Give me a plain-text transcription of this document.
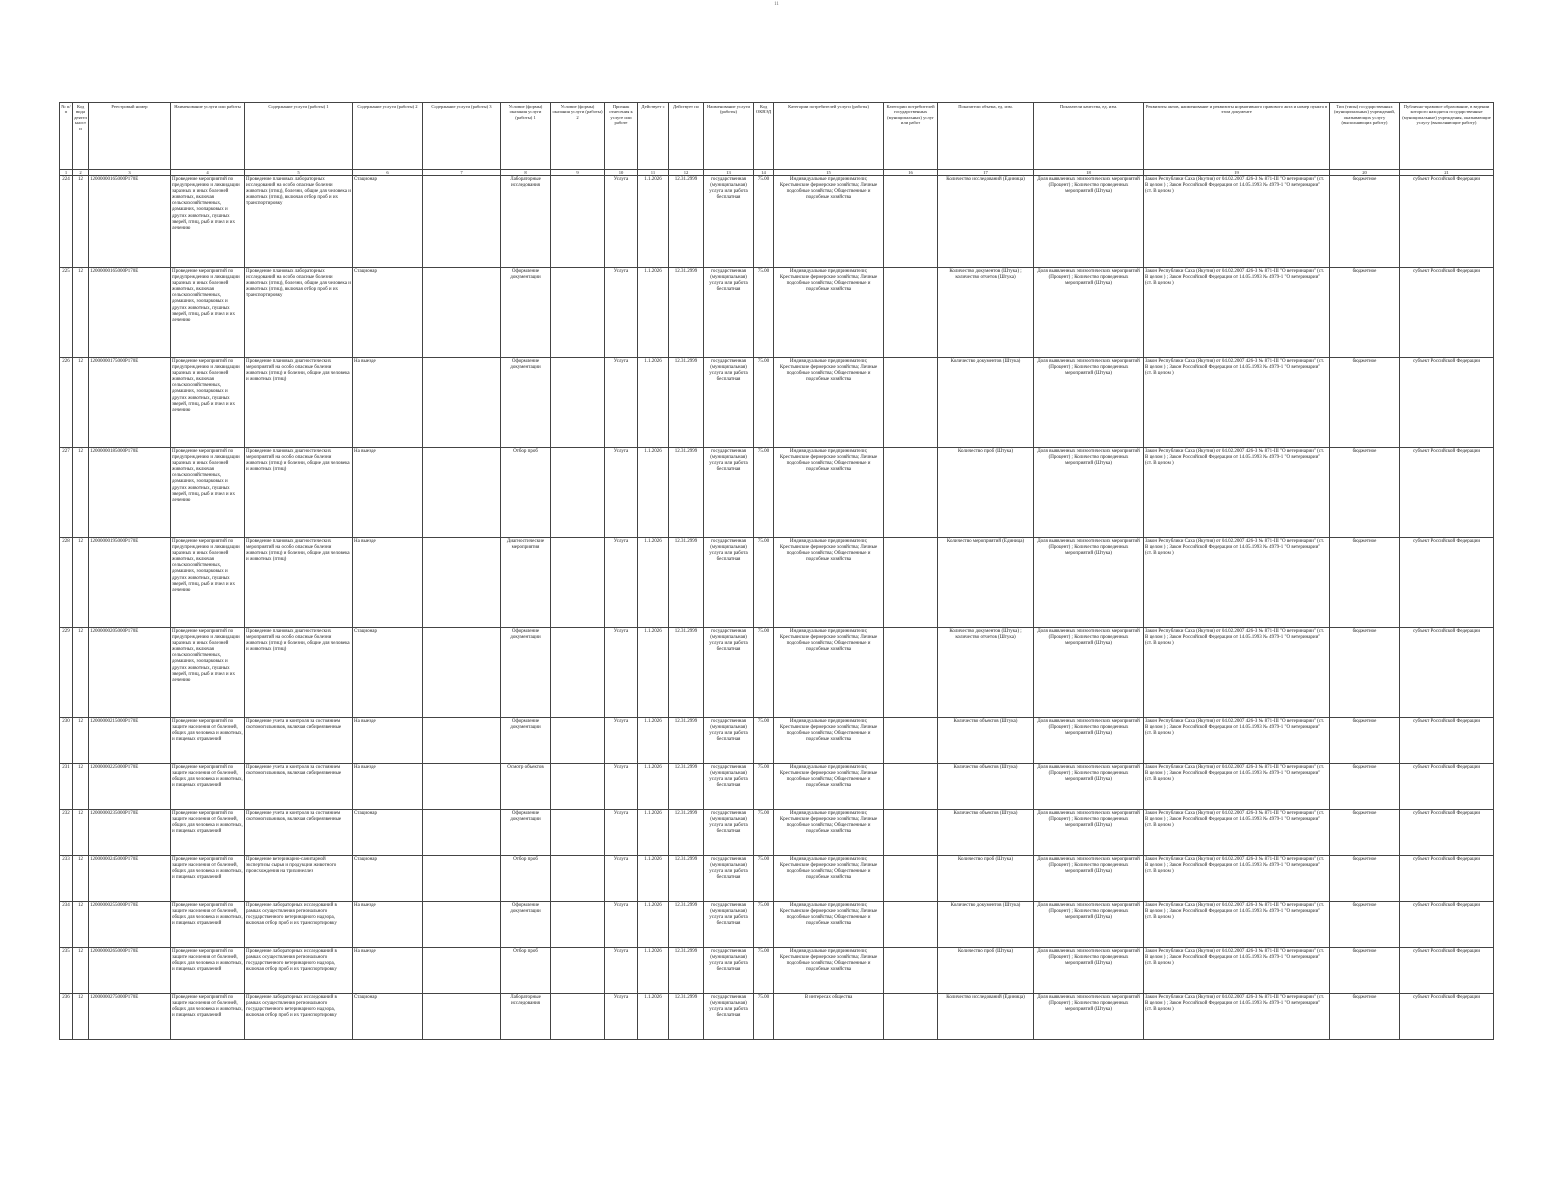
11
№ п/п	Код вида деятельности	Реестровый номер	Наименование услуги или работы	Содержание услуги (работы) 1	Содержание услуги (работы) 2	Содержание услуги (работы) 3	Условие (формы) оказания услуги (работы) 1	Условие (формы) оказания услуги (работы) 2	Признак отнесения к услуге или работе	Действует с	Действует по	Наименование услуги (работы)	Код ОКВЭД	Категории потребителей услуги (работы)	Категории потребителей государственных (муниципальных) услуг или работ	Показатели объема, ед. изм.	Показатели качества, ед. изм.	Реквизиты актов, наименование и реквизиты нормативного правового акта и номер пункта в этом документе	Тип (типы) государственных (муниципальных) учреждений, оказывающих услугу (выполняющих работу)	Публично-правовое образование, в ведении которого находятся государственные (муниципальные) учреждения, оказывающие услугу (выполняющие работу)
1	2	3	4	5	6	7	8	9	10	11	12	13	14	15	16	17	18	19	20	21
224	12	12000000165000Р170Е	Проведение мероприятий по предупреждению и ликвидации заразных и иных болезней животных, включая сельскохозяйственных, домашних, зоопарковых и других животных, пушных зверей, птиц, рыб и пчел и их лечению	Проведение плановых лабораторных исследований на особо опасные болезни животных (птиц), болезни, общие для человека и животных (птиц), включая отбор проб и их транспортировку	Стационар		Лабораторные исследования		Услуга	1.1.2026	12.31.2999	государственная (муниципальная) услуга или работа бесплатная	75.00	Индивидуальные предприниматели; Крестьянские фермерские хозяйства; Личные подсобные хозяйства; Общественные и подсобные хозяйства		Количество исследований (Единица)	Доля выявленных эпизоотических мероприятий (Процент) ; Количество проведенных мероприятий (Штука)	Закон Республики Саха (Якутия) от 04.02.2007 426-З № 871-III "О ветеринарии" (ст. В целом ) ; Закон Российской Федерации от 14.05.1993 № 4979-1 "О ветеринарии" (ст. В целом )	бюджетное	субъект Российской Федерации
225	12	12000000165000Р170Е	Проведение мероприятий по предупреждению и ликвидации заразных и иных болезней животных, включая сельскохозяйственных, домашних, зоопарковых и других животных, пушных зверей, птиц, рыб и пчел и их лечению	Проведение плановых лабораторных исследований на особо опасные болезни животных (птиц), болезни, общие для человека и животных (птиц), включая отбор проб и их транспортировку	Стационар		Оформление документации		Услуга	1.1.2026	12.31.2999	государственная (муниципальная) услуга или работа бесплатная	75.00	Индивидуальные предприниматели; Крестьянские фермерские хозяйства; Личные подсобные хозяйства; Общественные и подсобные хозяйства		Количество документов (Штука) ; количество отчетов (Штука)	Доля выявленных эпизоотических мероприятий (Процент) ; Количество проведенных мероприятий (Штука)	Закон Республики Саха (Якутия) от 04.02.2007 426-З № 871-III "О ветеринарии" (ст. В целом ) ; Закон Российской Федерации от 14.05.1993 № 4979-1 "О ветеринарии" (ст. В целом )	бюджетное	субъект Российской Федерации
226	12	12000000175000Р170Е	Проведение мероприятий по предупреждению и ликвидации заразных и иных болезней животных, включая сельскохозяйственных, домашних, зоопарковых и других животных, пушных зверей, птиц, рыб и пчел и их лечению	Проведение плановых диагностических мероприятий на особо опасные болезни животных (птиц) и болезни, общие для человека и животных (птиц)	На выезде		Оформление документации		Услуга	1.1.2026	12.31.2999	государственная (муниципальная) услуга или работа бесплатная	75.00	Индивидуальные предприниматели; Крестьянские фермерские хозяйства; Личные подсобные хозяйства; Общественные и подсобные хозяйства		Количество документов (Штука)	Доля выявленных эпизоотических мероприятий (Процент) ; Количество проведенных мероприятий (Штука)	Закон Республики Саха (Якутия) от 04.02.2007 426-З № 871-III "О ветеринарии" (ст. В целом ) ; Закон Российской Федерации от 14.05.1993 № 4979-1 "О ветеринарии" (ст. В целом )	бюджетное	субъект Российской Федерации
227	12	12000000185000Р170Е	Проведение мероприятий по предупреждению и ликвидации заразных и иных болезней животных, включая сельскохозяйственных, домашних, зоопарковых и других животных, пушных зверей, птиц, рыб и пчел и их лечению	Проведение плановых диагностических мероприятий на особо опасные болезни животных (птиц) и болезни, общие для человека и животных (птиц)	На выезде		Отбор проб		Услуга	1.1.2026	12.31.2999	государственная (муниципальная) услуга или работа бесплатная	75.00	Индивидуальные предприниматели; Крестьянские фермерские хозяйства; Личные подсобные хозяйства; Общественные и подсобные хозяйства		Количество проб (Штука)	Доля выявленных эпизоотических мероприятий (Процент) ; Количество проведенных мероприятий (Штука)	Закон Республики Саха (Якутия) от 04.02.2007 426-З № 871-III "О ветеринарии" (ст. В целом ) ; Закон Российской Федерации от 14.05.1993 № 4979-1 "О ветеринарии" (ст. В целом )	бюджетное	субъект Российской Федерации
228	12	12000000195000Р170Е	Проведение мероприятий по предупреждению и ликвидации заразных и иных болезней животных, включая сельскохозяйственных, домашних, зоопарковых и других животных, пушных зверей, птиц, рыб и пчел и их лечению	Проведение плановых диагностических мероприятий на особо опасные болезни животных (птиц) и болезни, общие для человека и животных (птиц)	На выезде		Диагностические мероприятия		Услуга	1.1.2026	12.31.2999	государственная (муниципальная) услуга или работа бесплатная	75.00	Индивидуальные предприниматели; Крестьянские фермерские хозяйства; Личные подсобные хозяйства; Общественные и подсобные хозяйства		Количество мероприятий (Единица)	Доля выявленных эпизоотических мероприятий (Процент) ; Количество проведенных мероприятий (Штука)	Закон Республики Саха (Якутия) от 04.02.2007 426-З № 871-III "О ветеринарии" (ст. В целом ) ; Закон Российской Федерации от 14.05.1993 № 4979-1 "О ветеринарии" (ст. В целом )	бюджетное	субъект Российской Федерации
229	12	12000000205000Р170Е	Проведение мероприятий по предупреждению и ликвидации заразных и иных болезней животных, включая сельскохозяйственных, домашних, зоопарковых и других животных, пушных зверей, птиц, рыб и пчел и их лечению	Проведение плановых диагностических мероприятий на особо опасные болезни животных (птиц) и болезни, общие для человека и животных (птиц)	Стационар		Оформление документации		Услуга	1.1.2026	12.31.2999	государственная (муниципальная) услуга или работа бесплатная	75.00	Индивидуальные предприниматели; Крестьянские фермерские хозяйства; Личные подсобные хозяйства; Общественные и подсобные хозяйства		Количество документов (Штука) ; количество отчетов (Штука)	Доля выявленных эпизоотических мероприятий (Процент) ; Количество проведенных мероприятий (Штука)	Закон Республики Саха (Якутия) от 04.02.2007 426-З № 871-III "О ветеринарии" (ст. В целом ) ; Закон Российской Федерации от 14.05.1993 № 4979-1 "О ветеринарии" (ст. В целом )	бюджетное	субъект Российской Федерации
230	12	12000000215000Р170Е	Проведение мероприятий по защите населения от болезней, общих для человека и животных, и пищевых отравлений	Проведение учета и контроля за состоянием скотомогильников, включая сибиреязвенные	На выезде		Оформление документации		Услуга	1.1.2026	12.31.2999	государственная (муниципальная) услуга или работа бесплатная	75.00	Индивидуальные предприниматели; Крестьянские фермерские хозяйства; Личные подсобные хозяйства; Общественные и подсобные хозяйства		Количество объектов (Штука)	Доля выявленных эпизоотических мероприятий (Процент) ; Количество проведенных мероприятий (Штука)	Закон Республики Саха (Якутия) от 04.02.2007 426-З № 871-III "О ветеринарии" (ст. В целом ) ; Закон Российской Федерации от 14.05.1993 № 4979-1 "О ветеринарии" (ст. В целом )	бюджетное	субъект Российской Федерации
231	12	12000000225000Р170Е	Проведение мероприятий по защите населения от болезней, общих для человека и животных, и пищевых отравлений	Проведение учета и контроля за состоянием скотомогильников, включая сибиреязвенные	На выезде		Осмотр объектов		Услуга	1.1.2026	12.31.2999	государственная (муниципальная) услуга или работа бесплатная	75.00	Индивидуальные предприниматели; Крестьянские фермерские хозяйства; Личные подсобные хозяйства; Общественные и подсобные хозяйства		Количество объектов (Штука)	Доля выявленных эпизоотических мероприятий (Процент) ; Количество проведенных мероприятий (Штука)	Закон Республики Саха (Якутия) от 04.02.2007 426-З № 871-III "О ветеринарии" (ст. В целом ) ; Закон Российской Федерации от 14.05.1993 № 4979-1 "О ветеринарии" (ст. В целом )	бюджетное	субъект Российской Федерации
232	12	12000000235000Р170Е	Проведение мероприятий по защите населения от болезней, общих для человека и животных, и пищевых отравлений	Проведение учета и контроля за состоянием скотомогильников, включая сибиреязвенные	Стационар		Оформление документации		Услуга	1.1.2026	12.31.2999	государственная (муниципальная) услуга или работа бесплатная	75.00	Индивидуальные предприниматели; Крестьянские фермерские хозяйства; Личные подсобные хозяйства; Общественные и подсобные хозяйства		Количество объектов (Штука)	Доля выявленных эпизоотических мероприятий (Процент) ; Количество проведенных мероприятий (Штука)	Закон Республики Саха (Якутия) от 04.02.2007 426-З № 871-III "О ветеринарии" (ст. В целом ) ; Закон Российской Федерации от 14.05.1993 № 4979-1 "О ветеринарии" (ст. В целом )	бюджетное	субъект Российской Федерации
233	12	12000000245000Р170Е	Проведение мероприятий по защите населения от болезней, общих для человека и животных, и пищевых отравлений	Проведение ветеринарно-санитарной экспертизы сырья и продукции животного происхождения на трихинеллез	Стационар		Отбор проб		Услуга	1.1.2026	12.31.2999	государственная (муниципальная) услуга или работа бесплатная	75.00	Индивидуальные предприниматели; Крестьянские фермерские хозяйства; Личные подсобные хозяйства; Общественные и подсобные хозяйства		Количество проб (Штука)	Доля выявленных эпизоотических мероприятий (Процент) ; Количество проведенных мероприятий (Штука)	Закон Республики Саха (Якутия) от 04.02.2007 426-З № 871-III "О ветеринарии" (ст. В целом ) ; Закон Российской Федерации от 14.05.1993 № 4979-1 "О ветеринарии" (ст. В целом )	бюджетное	субъект Российской Федерации
234	12	12000000255000Р170Е	Проведение мероприятий по защите населения от болезней, общих для человека и животных, и пищевых отравлений	Проведение лабораторных исследований в рамках осуществления регионального государственного ветеринарного надзора, включая отбор проб и их транспортировку	На выезде		Оформление документации		Услуга	1.1.2026	12.31.2999	государственная (муниципальная) услуга или работа бесплатная	75.00	Индивидуальные предприниматели; Крестьянские фермерские хозяйства; Личные подсобные хозяйства; Общественные и подсобные хозяйства		Количество документов (Штука)	Доля выявленных эпизоотических мероприятий (Процент) ; Количество проведенных мероприятий (Штука)	Закон Республики Саха (Якутия) от 04.02.2007 426-З № 871-III "О ветеринарии" (ст. В целом ) ; Закон Российской Федерации от 14.05.1993 № 4979-1 "О ветеринарии" (ст. В целом )	бюджетное	субъект Российской Федерации
235	12	12000000265000Р170Е	Проведение мероприятий по защите населения от болезней, общих для человека и животных, и пищевых отравлений	Проведение лабораторных исследований в рамках осуществления регионального государственного ветеринарного надзора, включая отбор проб и их транспортировку	На выезде		Отбор проб		Услуга	1.1.2026	12.31.2999	государственная (муниципальная) услуга или работа бесплатная	75.00	Индивидуальные предприниматели; Крестьянские фермерские хозяйства; Личные подсобные хозяйства; Общественные и подсобные хозяйства		Количество проб (Штука)	Доля выявленных эпизоотических мероприятий (Процент) ; Количество проведенных мероприятий (Штука)	Закон Республики Саха (Якутия) от 04.02.2007 426-З № 871-III "О ветеринарии" (ст. В целом ) ; Закон Российской Федерации от 14.05.1993 № 4979-1 "О ветеринарии" (ст. В целом )	бюджетное	субъект Российской Федерации
236	12	12000000275000Р170Е	Проведение мероприятий по защите населения от болезней, общих для человека и животных, и пищевых отравлений	Проведение лабораторных исследований в рамках осуществления регионального государственного ветеринарного надзора, включая отбор проб и их транспортировку	Стационар		Лабораторные исследования		Услуга	1.1.2026	12.31.2999	государственная (муниципальная) услуга или работа бесплатная	75.00	В интересах общества		Количество исследований (Единица)	Доля выявленных эпизоотических мероприятий (Процент) ; Количество проведенных мероприятий (Штука)	Закон Республики Саха (Якутия) от 04.02.2007 426-З № 871-III "О ветеринарии" (ст. В целом ) ; Закон Российской Федерации от 14.05.1993 № 4979-1 "О ветеринарии" (ст. В целом )	бюджетное	субъект Российской Федерации
